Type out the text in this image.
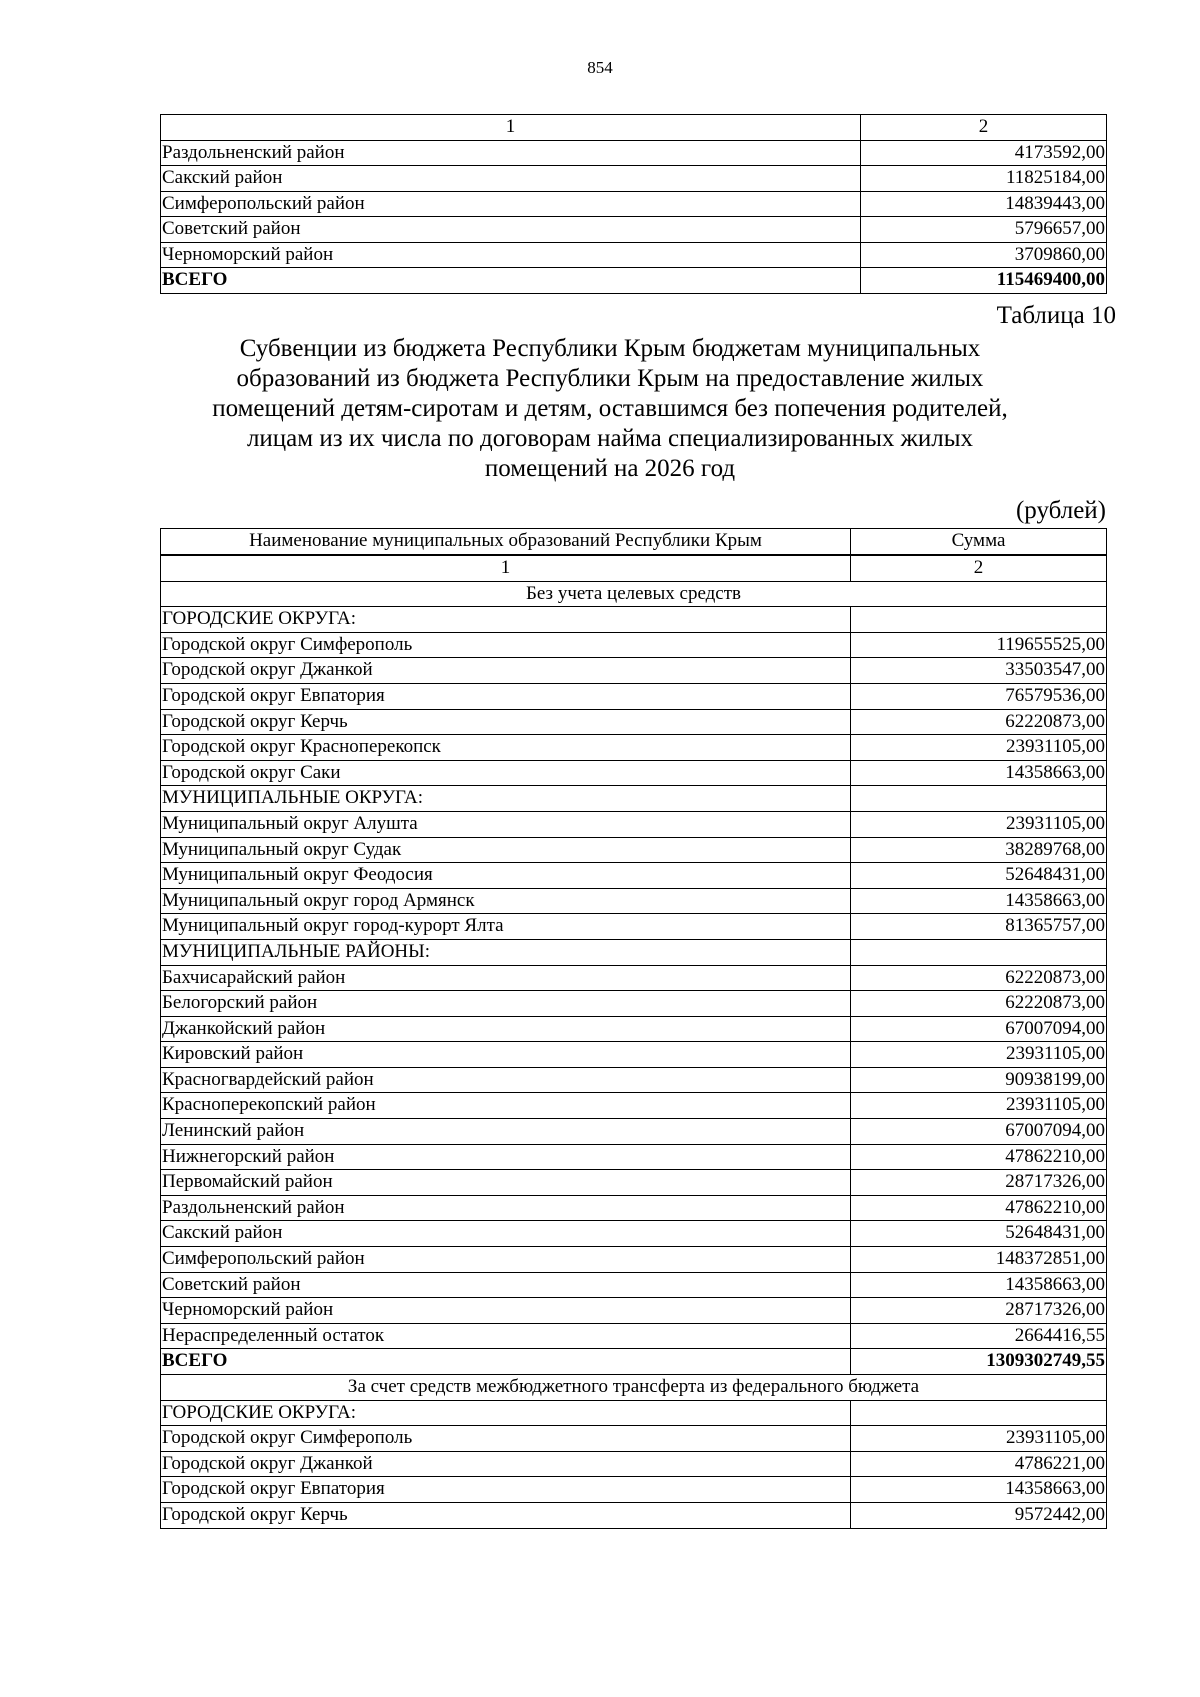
854
1	2
Раздольненский район	4173592,00
Сакский район	11825184,00
Симферопольский район	14839443,00
Советский район	5796657,00
Черноморский район	3709860,00
ВСЕГО	115469400,00
Таблица 10
Субвенции из бюджета Республики Крым бюджетам муниципальных
образований из бюджета Республики Крым на предоставление жилых
помещений детям-сиротам и детям, оставшимся без попечения родителей,
лицам из их числа по договорам найма специализированных жилых
помещений на 2026 год
(рублей)
Наименование муниципальных образований Республики Крым	Сумма
1	2
Без учета целевых средств	
ГОРОДСКИЕ ОКРУГА:	
Городской округ Симферополь	119655525,00
Городской округ Джанкой	33503547,00
Городской округ Евпатория	76579536,00
Городской округ Керчь	62220873,00
Городской округ Красноперекопск	23931105,00
Городской округ Саки	14358663,00
МУНИЦИПАЛЬНЫЕ ОКРУГА:	
Муниципальный округ Алушта	23931105,00
Муниципальный округ Судак	38289768,00
Муниципальный округ Феодосия	52648431,00
Муниципальный округ город Армянск	14358663,00
Муниципальный округ город-курорт Ялта	81365757,00
МУНИЦИПАЛЬНЫЕ РАЙОНЫ:	
Бахчисарайский район	62220873,00
Белогорский район	62220873,00
Джанкойский район	67007094,00
Кировский район	23931105,00
Красногвардейский район	90938199,00
Красноперекопский район	23931105,00
Ленинский район	67007094,00
Нижнегорский район	47862210,00
Первомайский район	28717326,00
Раздольненский район	47862210,00
Сакский район	52648431,00
Симферопольский район	148372851,00
Советский район	14358663,00
Черноморский район	28717326,00
Нераспределенный остаток	2664416,55
ВСЕГО	1309302749,55
За счет средств межбюджетного трансферта из федерального бюджета	
ГОРОДСКИЕ ОКРУГА:	
Городской округ Симферополь	23931105,00
Городской округ Джанкой	4786221,00
Городской округ Евпатория	14358663,00
Городской округ Керчь	9572442,00
